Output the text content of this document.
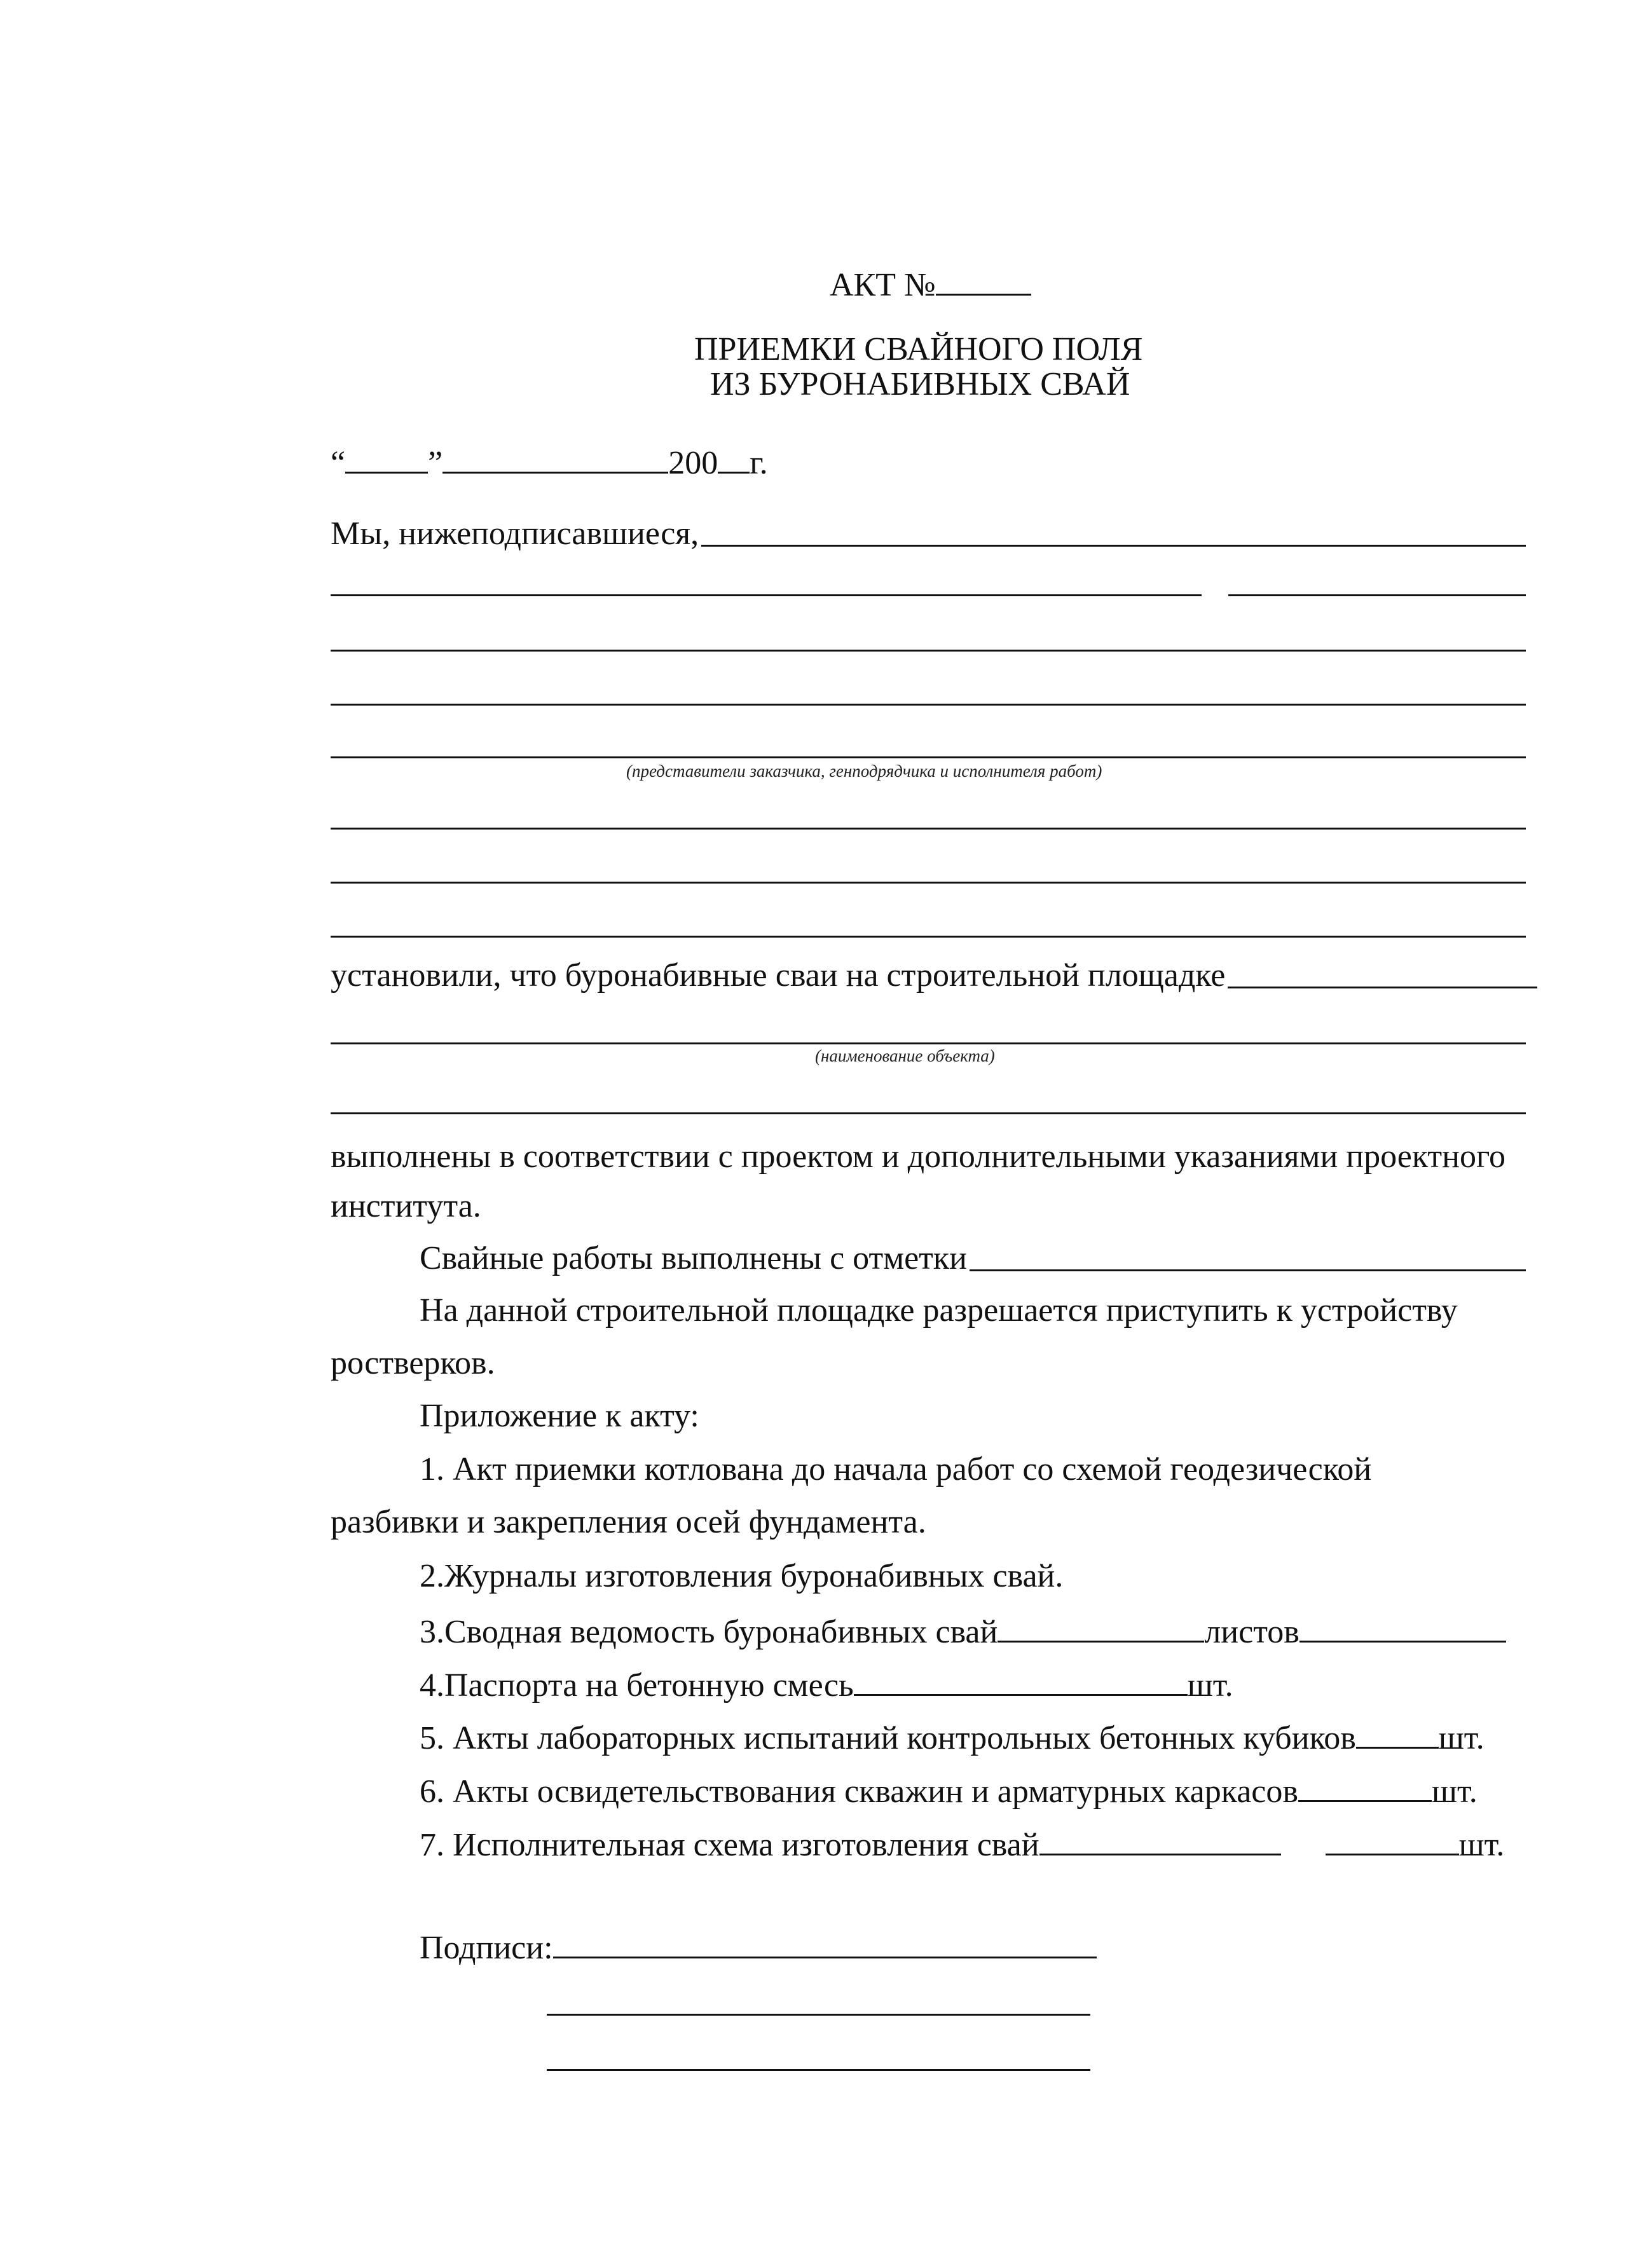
АКТ №
ПРИЕМКИ СВАЙНОГО ПОЛЯ
ИЗ БУРОНАБИВНЫХ СВАЙ
“	”	200 г.
Мы, нижеподписавшиеся,
(представители заказчика, генподрядчика и исполнителя работ)
установили, что буронабивные сваи на строительной площадке
(наименование объекта)
выполнены в соответствии с проектом и дополнительными указаниями проектного
института.
Свайные работы выполнены с отметки
На данной строительной площадке разрешается приступить к устройству
ростверков.
Приложение к акту:
1. Акт приемки котлована до начала работ со схемой геодезической
разбивки и закрепления осей фундамента.
2.Журналы изготовления буронабивных свай.
3.Сводная ведомость буронабивных свай	листов
4.Паспорта на бетонную смесь	шт.
5. Акты лабораторных испытаний контрольных бетонных кубиков	шт.
6. Акты освидетельствования скважин и арматурных каркасов	шт.
7. Исполнительная схема изготовления свай	шт.
Подписи:
